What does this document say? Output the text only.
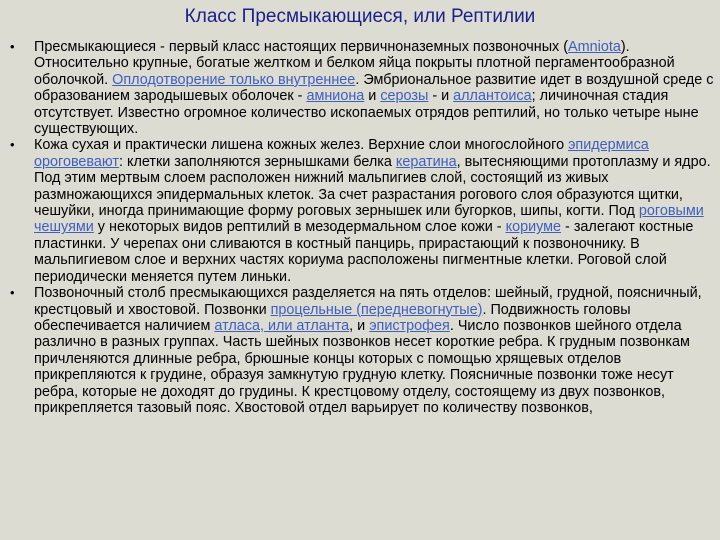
Класс Пресмыкающиеся, или Рептилии
• Пресмыкающиеся - первый класс настоящих первичноназемных позвоночных (Amniota). Относительно крупные, богатые желтком и белком яйца покрыты плотной пергаментообразной оболочкой. Оплодотворение только внутреннее. Эмбриональное развитие идет в воздушной среде с образованием зародышевых оболочек - амниона и серозы - и аллантоиса; личиночная стадия отсутствует. Известно огромное количество ископаемых отрядов рептилий, но только четыре ныне существующих.
• Кожа сухая и практически лишена кожных желез. Верхние слои многослойного эпидермиса ороговевают: клетки заполняются зернышками белка кератина, вытесняющими протоплазму и ядро. Под этим мертвым слоем расположен нижний мальпигиев слой, состоящий из живых размножающихся эпидермальных клеток. За счет разрастания рогового слоя образуются щитки, чешуйки, иногда принимающие форму роговых зернышек или бугорков, шипы, когти. Под роговыми чешуями у некоторых видов рептилий в мезодермальном слое кожи - кориуме - залегают костные пластинки. У черепах они сливаются в костный панцирь, прирастающий к позвоночнику. В мальпигиевом слое и верхних частях кориума расположены пигментные клетки. Роговой слой периодически меняется путем линьки.
• Позвоночный столб пресмыкающихся разделяется на пять отделов: шейный, грудной, поясничный, крестцовый и хвостовой. Позвонки процельные (передневогнутые). Подвижность головы обеспечивается наличием атласа, или атланта, и эпистрофея. Число позвонков шейного отдела различно в разных группах. Часть шейных позвонков несет короткие ребра. К грудным позвонкам причленяются длинные ребра, брюшные концы которых с помощью хрящевых отделов прикрепляются к грудине, образуя замкнутую грудную клетку. Поясничные позвонки тоже несут ребра, которые не доходят до грудины. К крестцовому отделу, состоящему из двух позвонков, прикрепляется тазовый пояс. Хвостовой отдел варьирует по количеству позвонков,
